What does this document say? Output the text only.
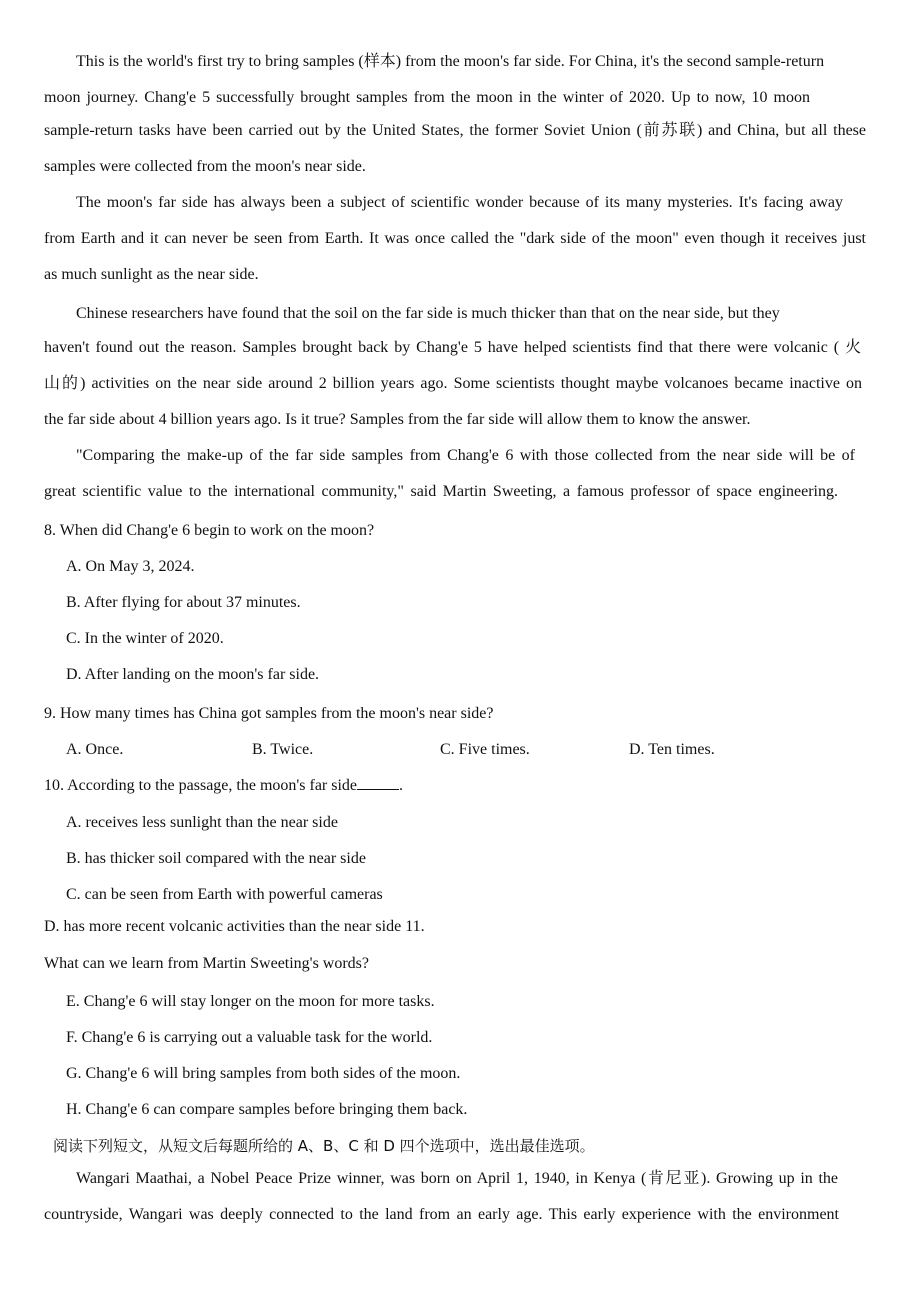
This is the world's first try to bring samples (样本) from the moon's far side. For China, it's the second sample-return
moon journey. Chang'e 5 successfully brought samples from the moon in the winter of 2020. Up to now, 10 moon
sample-return tasks have been carried out by the United States, the former Soviet Union (前苏联) and China, but all these
samples were collected from the moon's near side.
The moon's far side has always been a subject of scientific wonder because of its many mysteries. It's facing away
from Earth and it can never be seen from Earth. It was once called the "dark side of the moon" even though it receives just
as much sunlight as the near side.
Chinese researchers have found that the soil on the far side is much thicker than that on the near side, but they
haven't found out the reason. Samples brought back by Chang'e 5 have helped scientists find that there were volcanic ( 火
山的) activities on the near side around 2 billion years ago. Some scientists thought maybe volcanoes became inactive on
the far side about 4 billion years ago. Is it true? Samples from the far side will allow them to know the answer.
"Comparing the make-up of the far side samples from Chang'e 6 with those collected from the near side will be of
great scientific value to the international community," said Martin Sweeting, a famous professor of space engineering.
8. When did Chang'e 6 begin to work on the moon?
A. On May 3, 2024.
B. After flying for about 37 minutes.
C. In the winter of 2020.
D. After landing on the moon's far side.
9. How many times has China got samples from the moon's near side?
A. Once.	B. Twice.	C. Five times.	D. Ten times.
10. According to the passage, the moon's far side	.
A. receives less sunlight than the near side
B. has thicker soil compared with the near side
C. can be seen from Earth with powerful cameras
D. has more recent volcanic activities than the near side 11.
What can we learn from Martin Sweeting's words?
E. Chang'e 6 will stay longer on the moon for more tasks.
F. Chang'e 6 is carrying out a valuable task for the world.
G. Chang'e 6 will bring samples from both sides of the moon.
H. Chang'e 6 can compare samples before bringing them back.
阅读下列短文，从短文后每题所给的 A、B、C 和 D 四个选项中，选出最佳选项。
Wangari Maathai, a Nobel Peace Prize winner, was born on April 1, 1940, in Kenya (肯尼亚). Growing up in the
countryside, Wangari was deeply connected to the land from an early age. This early experience with the environment
